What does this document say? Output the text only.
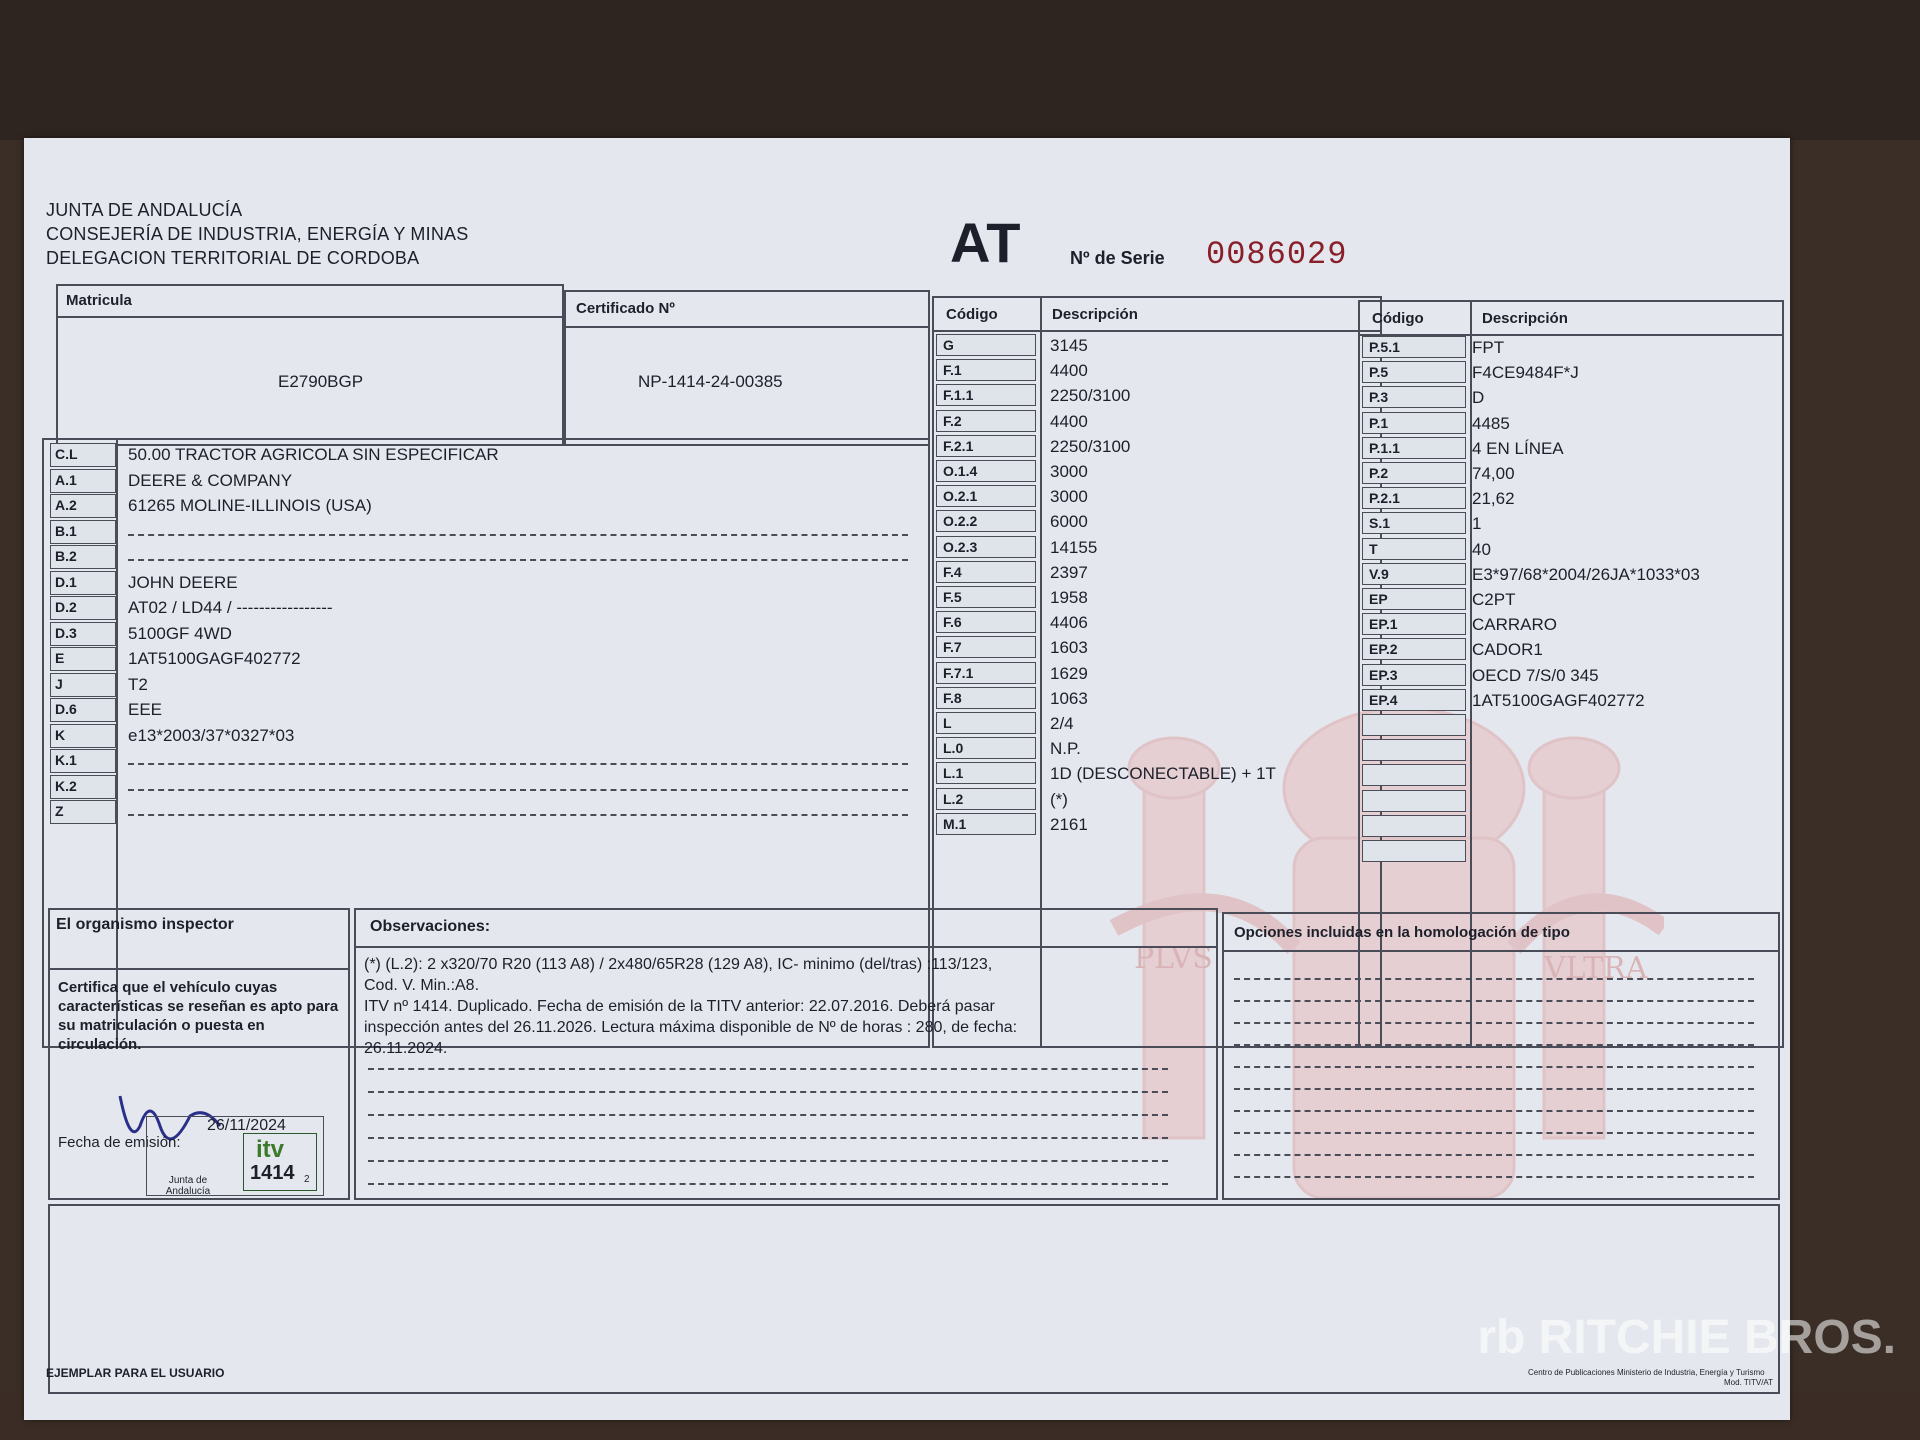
PLVS	VLTRA
JUNTA DE ANDALUCÍA
CONSEJERÍA DE INDUSTRIA, ENERGÍA Y MINAS
DELEGACION TERRITORIAL DE CORDOBA	AT	Nº de Serie 0086029
Matricula
E2790BGP
Certificado Nº
NP-1414-24-00385
Código	Descripción	Código	Descripción
El organismo inspector
Certifica que el vehículo cuyas características se reseñan es apto para su matriculación o puesta en circulación.
Fecha de emisión:
26/11/2024
Junta de Andalucía
itv
1414 2
Observaciones:
(*) (L.2): 2 x320/70 R20 (113 A8) / 2x480/65R28 (129 A8), IC- minimo (del/tras) :113/123,
Cod. V. Min.:A8.
ITV nº 1414. Duplicado. Fecha de emisión de la TITV anterior: 22.07.2016. Deberá pasar
inspección antes del 26.11.2026. Lectura máxima disponible de Nº de horas : 280, de fecha:
26.11.2024.
Opciones incluidas en la homologación de tipo
EJEMPLAR PARA EL USUARIO	Centro de Publicaciones Ministerio de Industria, Energía y Turismo
Mod. TITV/AT
C.L	50.00 TRACTOR AGRICOLA SIN ESPECIFICAR
A.1	DEERE & COMPANY
A.2	61265 MOLINE-ILLINOIS (USA)
B.1
B.2
D.1	JOHN DEERE
D.2	AT02 / LD44 / -----------------
D.3	5100GF 4WD
E	1AT5100GAGF402772
J	T2
D.6	EEE
K	e13*2003/37*0327*03
K.1
K.2
Z
G	3145
F.1	4400
F.1.1	2250/3100
F.2	4400
F.2.1	2250/3100
O.1.4	3000
O.2.1	3000
O.2.2	6000
O.2.3	14155
F.4	2397
F.5	1958
F.6	4406
F.7	1603
F.7.1	1629
F.8	1063
L	2/4
L.0	N.P.
L.1	1D (DESCONECTABLE) + 1T
L.2	(*)
M.1	2161
P.5.1	FPT
P.5	F4CE9484F*J
P.3	D
P.1	4485
P.1.1	4 EN LÍNEA
P.2	74,00
P.2.1	21,62
S.1	1
T	40
V.9	E3*97/68*2004/26JA*1033*03
EP	C2PT
EP.1	CARRARO
EP.2	CADOR1
EP.3	OECD 7/S/0 345
EP.4	1AT5100GAGF402772
rb RITCHIE BROS.
